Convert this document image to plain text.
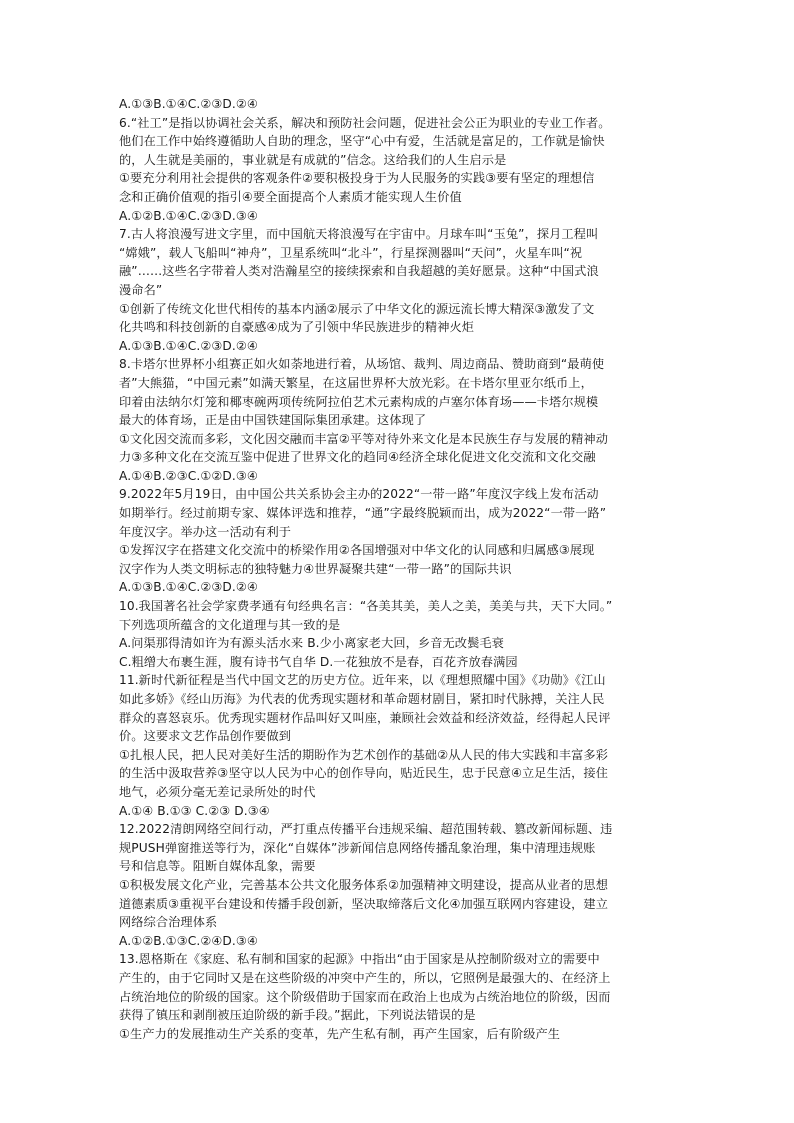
A.①③B.①④C.②③D.②④
6.“社工”是指以协调社会关系，解决和预防社会问题，促进社会公正为职业的专业工作者。
他们在工作中始终遵循助人自助的理念，坚守“心中有爱，生活就是富足的，工作就是愉快
的，人生就是美丽的，事业就是有成就的”信念。这给我们的人生启示是
①要充分利用社会提供的客观条件②要积极投身于为人民服务的实践③要有坚定的理想信
念和正确价值观的指引④要全面提高个人素质才能实现人生价值
A.①②B.①④C.②③D.③④
7.古人将浪漫写进文字里，而中国航天将浪漫写在宇宙中。月球车叫“玉兔”，探月工程叫
“嫦娥”，载人飞船叫“神舟”，卫星系统叫“北斗”，行星探测器叫“天问”，火星车叫“祝
融”……这些名字带着人类对浩瀚星空的接续探索和自我超越的美好愿景。这种“中国式浪
漫命名”
①创新了传统文化世代相传的基本内涵②展示了中华文化的源远流长博大精深③激发了文
化共鸣和科技创新的自豪感④成为了引领中华民族进步的精神火炬
A.①③B.①④C.②③D.②④
8.卡塔尔世界杯小组赛正如火如荼地进行着，从场馆、裁判、周边商品、赞助商到“最萌使
者”大熊猫，“中国元素”如满天繁星，在这届世界杯大放光彩。在卡塔尔里亚尔纸币上，
印着由法纳尔灯笼和椰枣碗两项传统阿拉伯艺术元素构成的卢塞尔体育场——卡塔尔规模
最大的体育场，正是由中国铁建国际集团承建。这体现了
①文化因交流而多彩，文化因交融而丰富②平等对待外来文化是本民族生存与发展的精神动
力③多种文化在交流互鉴中促进了世界文化的趋同④经济全球化促进文化交流和文化交融
A.①④B.②③C.①②D.③④
9.2022年5月19日，由中国公共关系协会主办的2022“一带一路”年度汉字线上发布活动
如期举行。经过前期专家、媒体评选和推荐，“通”字最终脱颖而出，成为2022“一带一路”
年度汉字。举办这一活动有利于
①发挥汉字在搭建文化交流中的桥梁作用②各国增强对中华文化的认同感和归属感③展现
汉字作为人类文明标志的独特魅力④世界凝聚共建“一带一路”的国际共识
A.①③B.①④C.②③D.②④
10.我国著名社会学家费孝通有句经典名言：“各美其美，美人之美，美美与共，天下大同。”
下列选项所蕴含的文化道理与其一致的是
A.问渠那得清如许为有源头活水来 B.少小离家老大回，乡音无改鬓毛衰
C.粗缯大布裹生涯，腹有诗书气自华 D.一花独放不是春，百花齐放春满园
11.新时代新征程是当代中国文艺的历史方位。近年来，以《理想照耀中国》《功勋》《江山
如此多娇》《经山历海》为代表的优秀现实题材和革命题材剧目，紧扣时代脉搏，关注人民
群众的喜怒哀乐。优秀现实题材作品叫好又叫座，兼顾社会效益和经济效益，经得起人民评
价。这要求文艺作品创作要做到
①扎根人民，把人民对美好生活的期盼作为艺术创作的基础②从人民的伟大实践和丰富多彩
的生活中汲取营养③坚守以人民为中心的创作导向，贴近民生，忠于民意④立足生活，接住
地气，必须分毫无差记录所处的时代
A.①④ B.①③ C.②③ D.③④
12.2022清朗网络空间行动，严打重点传播平台违规采编、超范围转载、篡改新闻标题、违
规PUSH弹窗推送等行为，深化“自媒体”涉新闻信息网络传播乱象治理，集中清理违规账
号和信息等。阻断自媒体乱象，需要
①积极发展文化产业，完善基本公共文化服务体系②加强精神文明建设，提高从业者的思想
道德素质③重视平台建设和传播手段创新，坚决取缔落后文化④加强互联网内容建设，建立
网络综合治理体系
A.①②B.①③C.②④D.③④
13.恩格斯在《家庭、私有制和国家的起源》中指出“由于国家是从控制阶级对立的需要中
产生的，由于它同时又是在这些阶级的冲突中产生的，所以，它照例是最强大的、在经济上
占统治地位的阶级的国家。这个阶级借助于国家而在政治上也成为占统治地位的阶级，因而
获得了镇压和剥削被压迫阶级的新手段。”据此，下列说法错误的是
①生产力的发展推动生产关系的变革，先产生私有制，再产生国家，后有阶级产生
